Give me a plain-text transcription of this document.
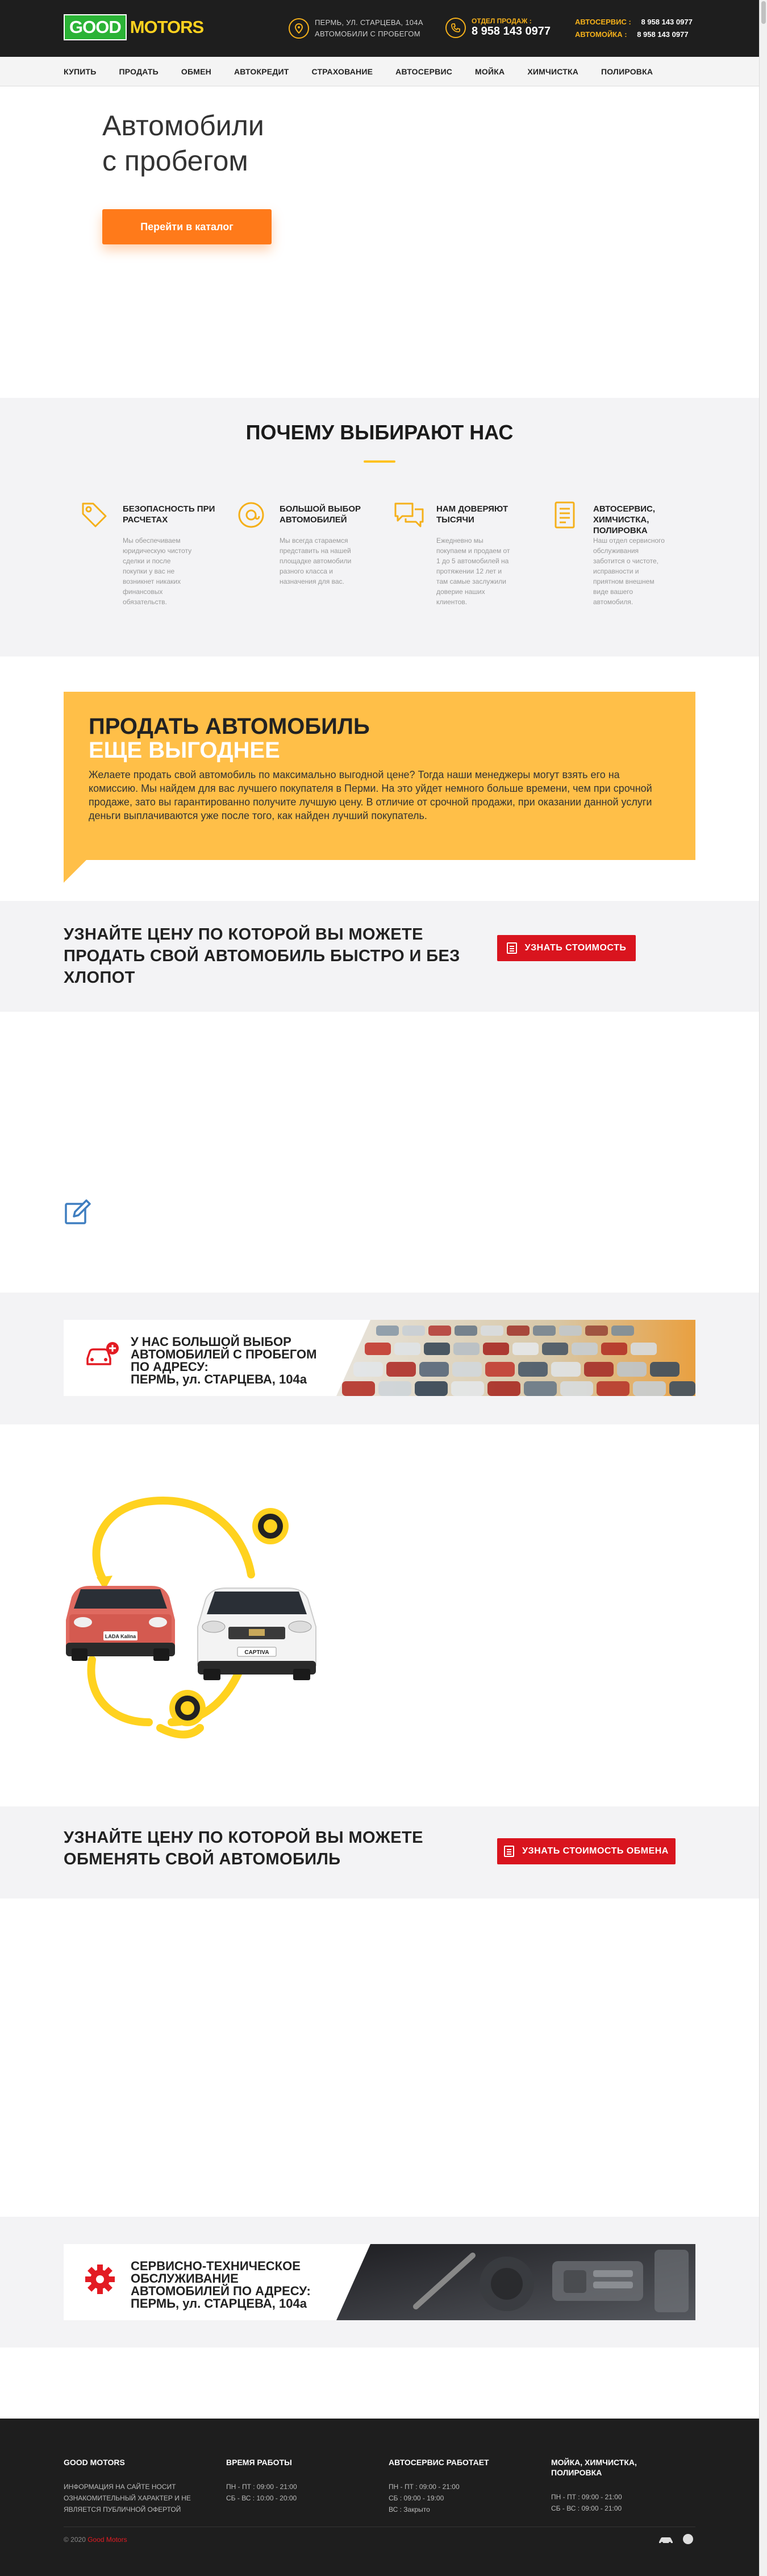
GOOD MOTORS	ПЕРМЬ, УЛ. СТАРЦЕВА, 104А
АВТОМОБИЛИ С ПРОБЕГОМ
ОТДЕЛ ПРОДАЖ :
8 958 143 0977
АВТОСЕРВИС : 8 958 143 0977
АВТОМОЙКА : 8 958 143 0977
КУПИТЬ	ПРОДАТЬ	ОБМЕН	АВТОКРЕДИТ	СТРАХОВАНИЕ	АВТОСЕРВИС	МОЙКА	ХИМЧИСТКА	ПОЛИРОВКА
Автомобили
с пробегом
Перейти в каталог
ПОЧЕМУ ВЫБИРАЮТ НАС
БЕЗОПАСНОСТЬ ПРИ РАСЧЕТАХ
Мы обеспечиваем юридическую чистоту сделки и после покупки у вас не возникнет никаких финансовых обязательств.
БОЛЬШОЙ ВЫБОР АВТОМОБИЛЕЙ
Мы всегда стараемся представить на нашей площадке автомобили разного класса и назначения для вас.
НАМ ДОВЕРЯЮТ ТЫСЯЧИ
Ежедневно мы покупаем и продаем от 1 до 5 автомобилей на протяжении 12 лет и там самые заслужили доверие наших клиентов.
АВТОСЕРВИС, ХИМЧИСТКА, ПОЛИРОВКА
Наш отдел сервисного обслуживания заботится о чистоте, исправности и приятном внешнем виде вашего автомобиля.
ПРОДАТЬ АВТОМОБИЛЬ
ЕЩЕ ВЫГОДНЕЕ

Желаете продать свой автомобиль по максимально выгодной цене? Тогда наши менеджеры могут взять его на комиссию. Мы найдем для вас лучшего покупателя в Перми. На это уйдет немного больше времени, чем при срочной продаже, зато вы гарантированно получите лучшую цену. В отличие от срочной продажи, при оказании данной услуги деньги выплачиваются уже после того, как найден лучший покупатель.

УЗНАЙТЕ ЦЕНУ ПО КОТОРОЙ ВЫ МОЖЕТЕ ПРОДАТЬ СВОЙ АВТОМОБИЛЬ БЫСТРО И БЕЗ ХЛОПОТ
УЗНАТЬ СТОИМОСТЬ
У НАС БОЛЬШОЙ ВЫБОР
АВТОМОБИЛЕЙ С ПРОБЕГОМ
ПО АДРЕСУ:
ПЕРМЬ, ул. СТАРЦЕВА, 104а
LADA Kalina
CAPTIVA
УЗНАЙТЕ ЦЕНУ ПО КОТОРОЙ ВЫ МОЖЕТЕ ОБМЕНЯТЬ СВОЙ АВТОМОБИЛЬ	УЗНАТЬ СТОИМОСТЬ ОБМЕНА
СЕРВИСНО-ТЕХНИЧЕСКОЕ
ОБСЛУЖИВАНИЕ
АВТОМОБИЛЕЙ ПО АДРЕСУ:
ПЕРМЬ, ул. СТАРЦЕВА, 104а
GOOD MOTORS
ИНФОРМАЦИЯ НА САЙТЕ НОСИТ ОЗНАКОМИТЕЛЬНЫЙ ХАРАКТЕР И НЕ ЯВЛЯЕТСЯ ПУБЛИЧНОЙ ОФЕРТОЙ
ВРЕМЯ РАБОТЫ
ПН - ПТ : 09:00 - 21:00
СБ - ВС : 10:00 - 20:00
АВТОСЕРВИС РАБОТАЕТ
ПН - ПТ : 09:00 - 21:00
СБ : 09:00 - 19:00
ВС : Закрыто
МОЙКА, ХИМЧИСТКА, ПОЛИРОВКА
ПН - ПТ : 09:00 - 21:00
СБ - ВС : 09:00 - 21:00
© 2020 Good Motors
